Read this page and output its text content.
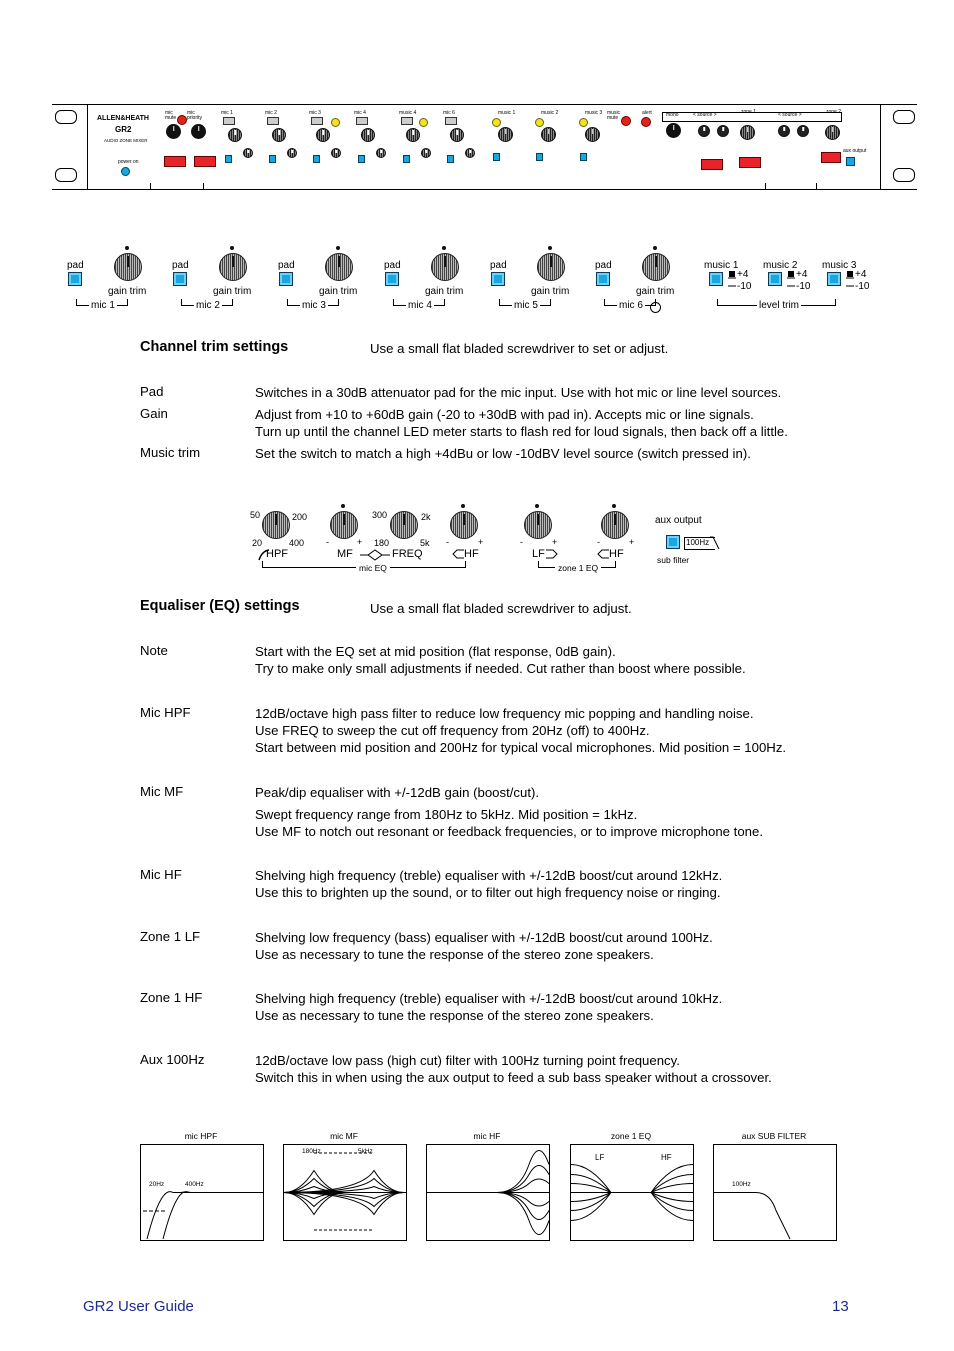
ALLEN&HEATH
GR2
AUDIO ZONE MIXER
power on
mic
mute
mic
priority
mic 1	mic 2	mic 3	mic 4	music 4	mic 6	music 1	music 2	music 3 music
mute
alert	mono	< source >	zone 1	< source >	zone 2
aux output
pad
gain trim
mic 1
pad
gain trim
mic 2
pad
gain trim
mic 3
pad
gain trim
mic 4
pad
gain trim
mic 5
pad
gain trim
mic 6
music 1
+4
-10
music 2
+4
-10
music 3
+4
-10
level trim
Channel trim settings	Use a small flat bladed screwdriver to set or adjust.
Pad	Switches in a 30dB attenuator pad for the mic input. Use with hot mic or line level sources.
Gain	Adjust from +10 to +60dB gain (-20 to +30dB with pad in). Accepts mic or line signals.
Turn up until the channel LED meter starts to flash red for loud signals, then back off a little.
Music trim	Set the switch to match a high +4dBu or low -10dBV level source (switch pressed in).
50	200
20	400
HPF
-	+
MF
300	2k
180	5k
FREQ
-	+
HF
mic EQ
-	+
LF
-	+
HF
zone 1 EQ
aux output
100Hz
sub filter
Equaliser (EQ) settings	Use a small flat bladed screwdriver to adjust.
Note	Start with the EQ set at mid position (flat response, 0dB gain).
Try to make only small adjustments if needed. Cut rather than boost where possible.
Mic HPF	12dB/octave high pass filter to reduce low frequency mic popping and handling noise.
Use FREQ to sweep the cut off frequency from 20Hz (off) to 400Hz.
Start between mid position and 200Hz for typical vocal microphones. Mid position = 100Hz.
Mic MF	Peak/dip equaliser with +/-12dB gain (boost/cut).
Swept frequency range from 180Hz to 5kHz. Mid position = 1kHz.
Use MF to notch out resonant or feedback frequencies, or to improve microphone tone.
Mic HF	Shelving high frequency (treble) equaliser with +/-12dB boost/cut around 12kHz.
Use this to brighten up the sound, or to filter out high frequency noise or ringing.
Zone 1 LF	Shelving low frequency (bass) equaliser with +/-12dB boost/cut around 100Hz.
Use as necessary to tune the response of the stereo zone speakers.
Zone 1 HF	Shelving high frequency (treble) equaliser with +/-12dB boost/cut around 10kHz.
Use as necessary to tune the response of the stereo zone speakers.
Aux 100Hz	12dB/octave low pass (high cut) filter with 100Hz turning point frequency.
Switch this in when using the aux output to feed a sub bass speaker without a crossover.
mic HPF
20Hz	400Hz
mic MF
180Hz	5kHz
mic HF	zone 1 EQ
LF	HF
aux SUB FILTER
100Hz
GR2 User Guide	13
